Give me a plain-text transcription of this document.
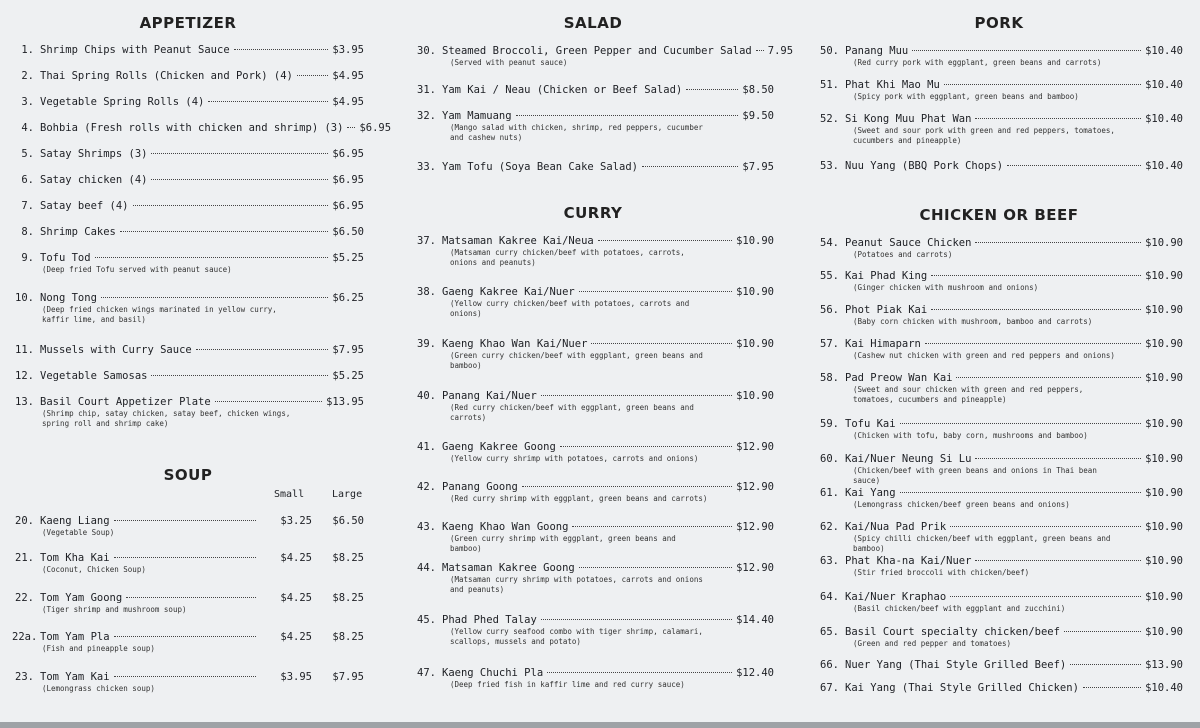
APPETIZER
1. Shrimp Chips with Peanut Sauce	$3.95
2. Thai Spring Rolls (Chicken and Pork) (4)	$4.95
3. Vegetable Spring Rolls (4)	$4.95
4. Bohbia (Fresh rolls with chicken and shrimp) (3) $6.95
5. Satay Shrimps (3)	$6.95
6. Satay chicken (4)	$6.95
7. Satay beef (4)	$6.95
8. Shrimp Cakes	$6.50
9. Tofu Tod	$5.25
(Deep fried Tofu served with peanut sauce)
10. Nong Tong	$6.25
(Deep fried chicken wings marinated in yellow curry, kaffir lime, and basil)
11. Mussels with Curry Sauce	$7.95
12. Vegetable Samosas	$5.25
13. Basil Court Appetizer Plate	$13.95
(Shrimp chip, satay chicken, satay beef, chicken wings, spring roll and shrimp cake)
SOUP
Small	Large
20. Kaeng Liang	$3.25	$6.50
(Vegetable Soup)
21. Tom Kha Kai	$4.25	$8.25
(Coconut, Chicken Soup)
22. Tom Yam Goong	$4.25	$8.25
(Tiger shrimp and mushroom soup)
22a. Tom Yam Pla	$4.25	$8.25
(Fish and pineapple soup)
23. Tom Yam Kai	$3.95	$7.95
(Lemongrass chicken soup)
SALAD
30. Steamed Broccoli, Green Pepper and Cucumber Salad 7.95
(Served with peanut sauce)
31. Yam Kai / Neau (Chicken or Beef Salad)	$8.50
32. Yam Mamuang	$9.50
(Mango salad with chicken, shrimp, red peppers, cucumber and cashew nuts)
33. Yam Tofu (Soya Bean Cake Salad)	$7.95
CURRY
37. Matsaman Kakree Kai/Neua	$10.90
(Matsaman curry chicken/beef with potatoes, carrots, onions and peanuts)
38. Gaeng Kakree Kai/Nuer	$10.90
(Yellow curry chicken/beef with potatoes, carrots and onions)
39. Kaeng Khao Wan Kai/Nuer	$10.90
(Green curry chicken/beef with eggplant, green beans and bamboo)
40. Panang Kai/Nuer	$10.90
(Red curry chicken/beef with eggplant, green beans and carrots)
41. Gaeng Kakree Goong	$12.90
(Yellow curry shrimp with potatoes, carrots and onions)
42. Panang Goong	$12.90
(Red curry shrimp with eggplant, green beans and carrots)
43. Kaeng Khao Wan Goong	$12.90
(Green curry shrimp with eggplant, green beans and bamboo)
44. Matsaman Kakree Goong	$12.90
(Matsaman curry shrimp with potatoes, carrots and onions and peanuts)
45. Phad Phed Talay	$14.40
(Yellow curry seafood combo with tiger shrimp, calamari, scallops, mussels and potato)
47. Kaeng Chuchi Pla	$12.40
(Deep fried fish in kaffir lime and red curry sauce)
PORK
50. Panang Muu	$10.40
(Red curry pork with eggplant, green beans and carrots)
51. Phat Khi Mao Mu	$10.40
(Spicy pork with eggplant, green beans and bamboo)
52. Si Kong Muu Phat Wan	$10.40
(Sweet and sour pork with green and red peppers, tomatoes, cucumbers and pineapple)
53. Nuu Yang (BBQ Pork Chops)	$10.40
CHICKEN OR BEEF
54. Peanut Sauce Chicken	$10.90
(Potatoes and carrots)
55. Kai Phad King	$10.90
(Ginger chicken with mushroom and onions)
56. Phot Piak Kai	$10.90
(Baby corn chicken with mushroom, bamboo and carrots)
57. Kai Himaparn	$10.90
(Cashew nut chicken with green and red peppers and onions)
58. Pad Preow Wan Kai	$10.90
(Sweet and sour chicken with green and red peppers, tomatoes, cucumbers and pineapple)
59. Tofu Kai	$10.90
(Chicken with tofu, baby corn, mushrooms and bamboo)
60. Kai/Nuer Neung Si Lu	$10.90
(Chicken/beef with green beans and onions in Thai bean sauce)
61. Kai Yang	$10.90
(Lemongrass chicken/beef green beans and onions)
62. Kai/Nua Pad Prik	$10.90
(Spicy chilli chicken/beef with eggplant, green beans and bamboo)
63. Phat Kha-na Kai/Nuer	$10.90
(Stir fried broccoli with chicken/beef)
64. Kai/Nuer Kraphao	$10.90
(Basil chicken/beef with eggplant and zucchini)
65. Basil Court specialty chicken/beef	$10.90
(Green and red pepper and tomatoes)
66. Nuer Yang (Thai Style Grilled Beef)	$13.90
67. Kai Yang (Thai Style Grilled Chicken)	$10.40
